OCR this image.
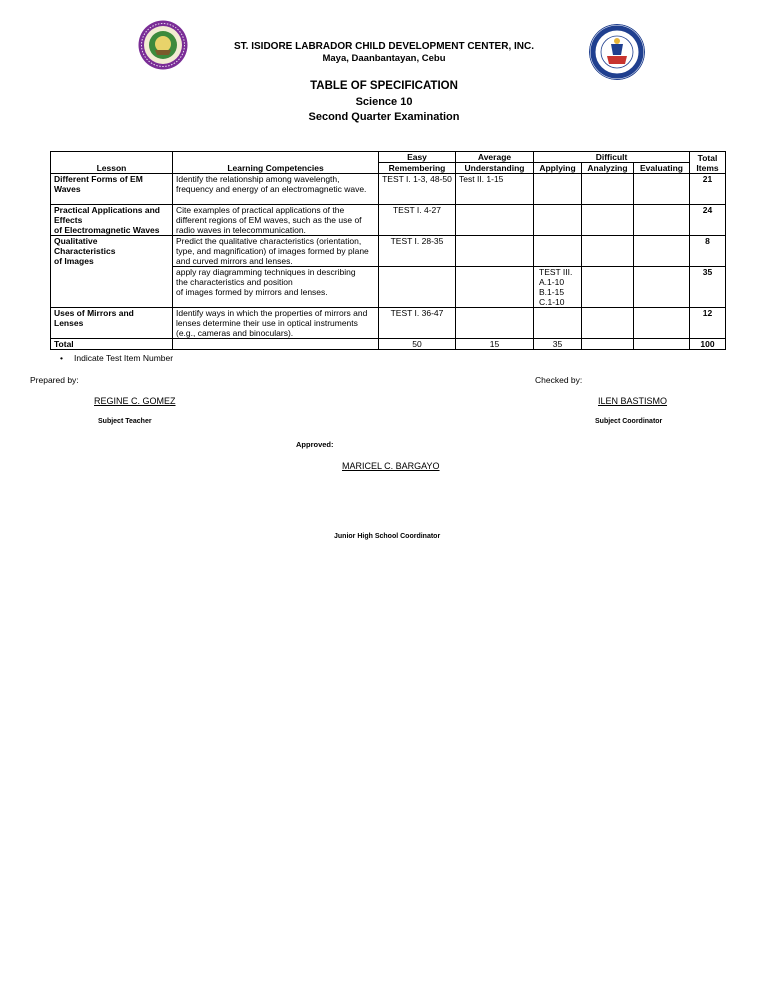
ST. ISIDORE LABRADOR CHILD DEVELOPMENT CENTER, INC.
Maya, Daanbantayan, Cebu
TABLE OF SPECIFICATION
Science 10
Second Quarter Examination
Lesson	Learning Competencies	Easy	Average	Difficult			Total
Items

		Remembering	Understanding	Applying	Analyzing	Evaluating	

Different Forms of EM
Waves	Identify the relationship among wavelength, frequency and energy of an electromagnetic wave.	TEST I. 1-3, 48-50	Test II. 1-15				21

Practical Applications and
Effects
of Electromagnetic Waves	Cite examples of practical applications of the different regions of EM waves, such as the use of radio waves in telecommunication.	TEST I. 4-27					24

Qualitative
Characteristics
of Images	Predict the qualitative characteristics (orientation, type, and magnification) of images formed by plane and curved mirrors and lenses.	TEST I. 28-35					8

	apply ray diagramming techniques in describing
the characteristics and position
of images formed by mirrors and lenses.			TEST III.
A.1-10
B.1-15
C.1-10			35

Uses of Mirrors and
Lenses	Identify ways in which the properties of mirrors and lenses determine their use in optical instruments (e.g., cameras and binoculars).	TEST I. 36-47					12
Total		50	15	35			100
• Indicate Test Item Number
Prepared by:	Checked by:
REGINE C. GOMEZ	ILEN BASTISMO
Subject Teacher	Subject Coordinator
Approved:
MARICEL C. BARGAYO
Junior High School Coordinator
